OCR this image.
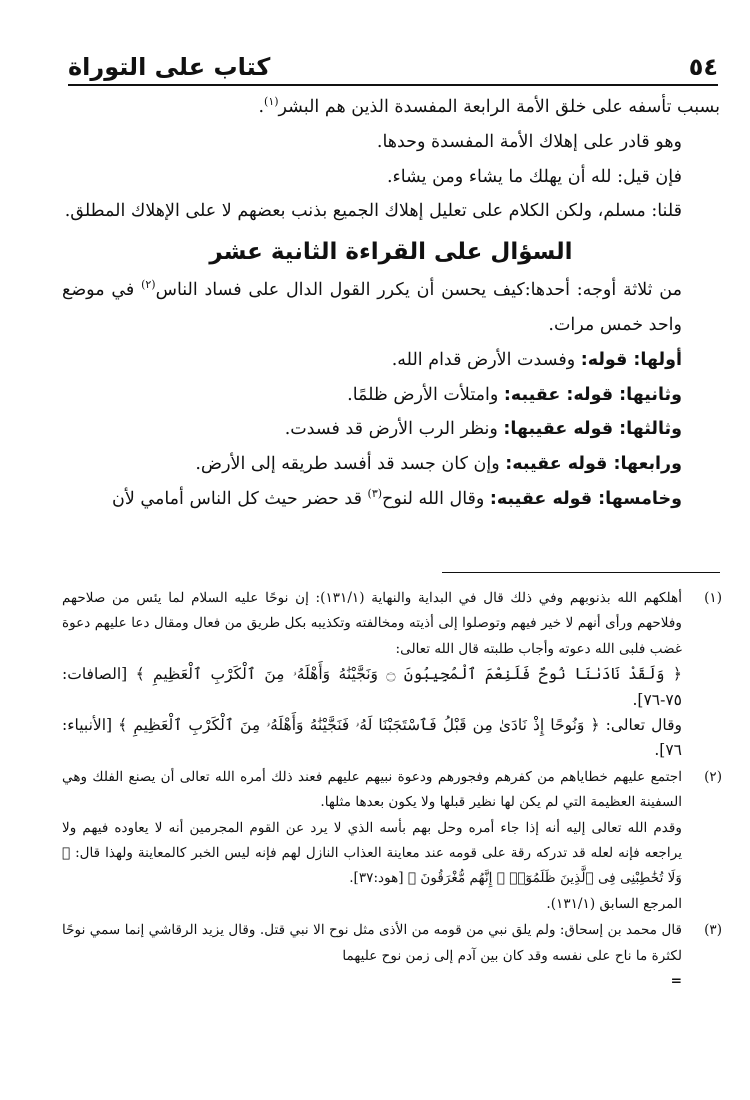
٥٤
كتاب على التوراة

بسبب تأسفه على خلق الأمة الرابعة المفسدة الذين هم البشر$^{(١)}$.

وهو قادر على إهلاك الأمة المفسدة وحدها.

فإن قيل: لله أن يهلك ما يشاء ومن يشاء.

قلنا: مسلم، ولكن الكلام على تعليل إهلاك الجميع بذنب بعضهم لا على الإهلاك المطلق.

السؤال على القراءة الثانية عشر

من ثلاثة أوجه: أحدها:كيف يحسن أن يكرر القول الدال على فساد الناس$^{(٢)}$ في موضع واحد خمس مرات.

أولها: قوله: وفسدت الأرض قدام الله.

وثانيها: قوله: عقيبه: وامتلأت الأرض ظلمًا.

وثالثها: قوله عقيبها: ونظر الرب الأرض قد فسدت.

ورابعها: قوله عقيبه: وإن كان جسد قد أفسد طريقه إلى الأرض.

وخامسها: قوله عقيبه: وقال الله لنوح$^{(٣)}$ قد حضر حيث كل الناس أمامي لأن

(١)

أهلكهم الله بذنوبهم وفي ذلك قال في البداية والنهاية (١٣١/١): إن نوحًا عليه السلام لما يئس من صلاحهم وفلاحهم ورأى أنهم لا خير فيهم وتوصلوا إلى أذيته ومخالفته وتكذيبه بكل طريق من فعال ومقال دعا عليهم دعوة غضب فلبى الله دعوته وأجاب طلبته قال الله تعالى:

﴿ وَلَقَدْ نَادَىٰنَا نُوحٌ فَلَنِعْمَ ٱلْمُجِيبُونَ ۝ وَنَجَّيْنَٰهُ وَأَهْلَهُۥ مِنَ ٱلْكَرْبِ ٱلْعَظِيمِ ﴾ [الصافات: ٧٥-٧٦].

وقال تعالى: ﴿ وَنُوحًا إِذْ نَادَىٰ مِن قَبْلُ فَٱسْتَجَبْنَا لَهُۥ فَنَجَّيْنَٰهُ وَأَهْلَهُۥ مِنَ ٱلْكَرْبِ ٱلْعَظِيمِ ﴾ [الأنبياء: ٧٦].

(٢)

اجتمع عليهم خطاياهم من كفرهم وفجورهم ودعوة نبيهم عليهم فعند ذلك أمره الله تعالى أن يصنع الفلك وهي السفينة العظيمة التي لم يكن لها نظير قبلها ولا يكون بعدها مثلها.

وقدم الله تعالى إليه أنه إذا جاء أمره وحل بهم بأسه الذي لا يرد عن القوم المجرمين أنه لا يعاوده فيهم ولا يراجعه فإنه لعله قد تدركه رقة على قومه عند معاينة العذاب النازل لهم فإنه ليس الخبر كالمعاينة ولهذا قال: ﴿ وَلَا تُخَٰطِبْنِى فِى ٱلَّذِينَ ظَلَمُوٓا۟ ۚ إِنَّهُم مُّغْرَقُونَ ﴾ [هود:٣٧].

المرجع السابق (١٣١/١).

(٣)

قال محمد بن إسحاق: ولم يلق نبي من قومه من الأذى مثل نوح الا نبي قتل. وقال يزيد الرقاشي إنما سمي نوحًا لكثرة ما ناح على نفسه وقد كان بين آدم إلى زمن نوح عليهما

=
